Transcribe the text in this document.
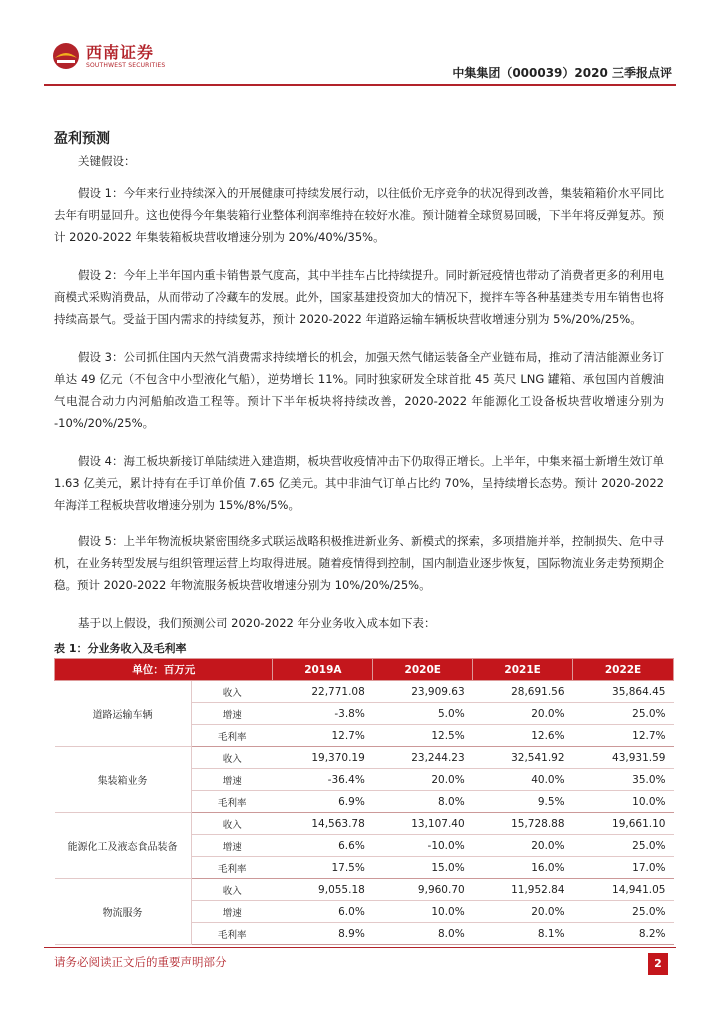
西南证券
SOUTHWEST SECURITIES
中集集团（000039）2020 三季报点评
盈利预测
关键假设：
假设 1：今年来行业持续深入的开展健康可持续发展行动，以往低价无序竞争的状况得到改善，集装箱箱价水平同比去年有明显回升。这也使得今年集装箱行业整体利润率维持在较好水准。预计随着全球贸易回暖，下半年将反弹复苏。预计 2020-2022 年集装箱板块营收增速分别为 20%/40%/35%。
假设 2：今年上半年国内重卡销售景气度高，其中半挂车占比持续提升。同时新冠疫情也带动了消费者更多的利用电商模式采购消费品，从而带动了冷藏车的发展。此外，国家基建投资加大的情况下，搅拌车等各种基建类专用车销售也将持续高景气。受益于国内需求的持续复苏，预计 2020-2022 年道路运输车辆板块营收增速分别为 5%/20%/25%。
假设 3：公司抓住国内天然气消费需求持续增长的机会，加强天然气储运装备全产业链布局，推动了清洁能源业务订单达 49 亿元（不包含中小型液化气船），逆势增长 11%。同时独家研发全球首批 45 英尺 LNG 罐箱、承包国内首艘油气电混合动力内河船舶改造工程等。预计下半年板块将持续改善，2020-2022 年能源化工设备板块营收增速分别为 -10%/20%/25%。
假设 4：海工板块新接订单陆续进入建造期，板块营收疫情冲击下仍取得正增长。上半年，中集来福士新增生效订单 1.63 亿美元，累计持有在手订单价值 7.65 亿美元。其中非油气订单占比约 70%，呈持续增长态势。预计 2020-2022 年海洋工程板块营收增速分别为 15%/8%/5%。
假设 5：上半年物流板块紧密围绕多式联运战略积极推进新业务、新模式的探索，多项措施并举，控制损失、危中寻机，在业务转型发展与组织管理运营上均取得进展。随着疫情得到控制，国内制造业逐步恢复，国际物流业务走势预期企稳。预计 2020-2022 年物流服务板块营收增速分别为 10%/20%/25%。
基于以上假设，我们预测公司 2020-2022 年分业务收入成本如下表：
表 1：分业务收入及毛利率
单位：百万元		2019A	2020E	2021E	2022E
道路运输车辆	收入	22,771.08	23,909.63	28,691.56	35,864.45
	增速	-3.8%	5.0%	20.0%	25.0%
	毛利率	12.7%	12.5%	12.6%	12.7%
集装箱业务	收入	19,370.19	23,244.23	32,541.92	43,931.59
	增速	-36.4%	20.0%	40.0%	35.0%
	毛利率	6.9%	8.0%	9.5%	10.0%
能源化工及液态食品装备	收入	14,563.78	13,107.40	15,728.88	19,661.10
	增速	6.6%	-10.0%	20.0%	25.0%
	毛利率	17.5%	15.0%	16.0%	17.0%
物流服务	收入	9,055.18	9,960.70	11,952.84	14,941.05
	增速	6.0%	10.0%	20.0%	25.0%
	毛利率	8.9%	8.0%	8.1%	8.2%
请务必阅读正文后的重要声明部分	2
